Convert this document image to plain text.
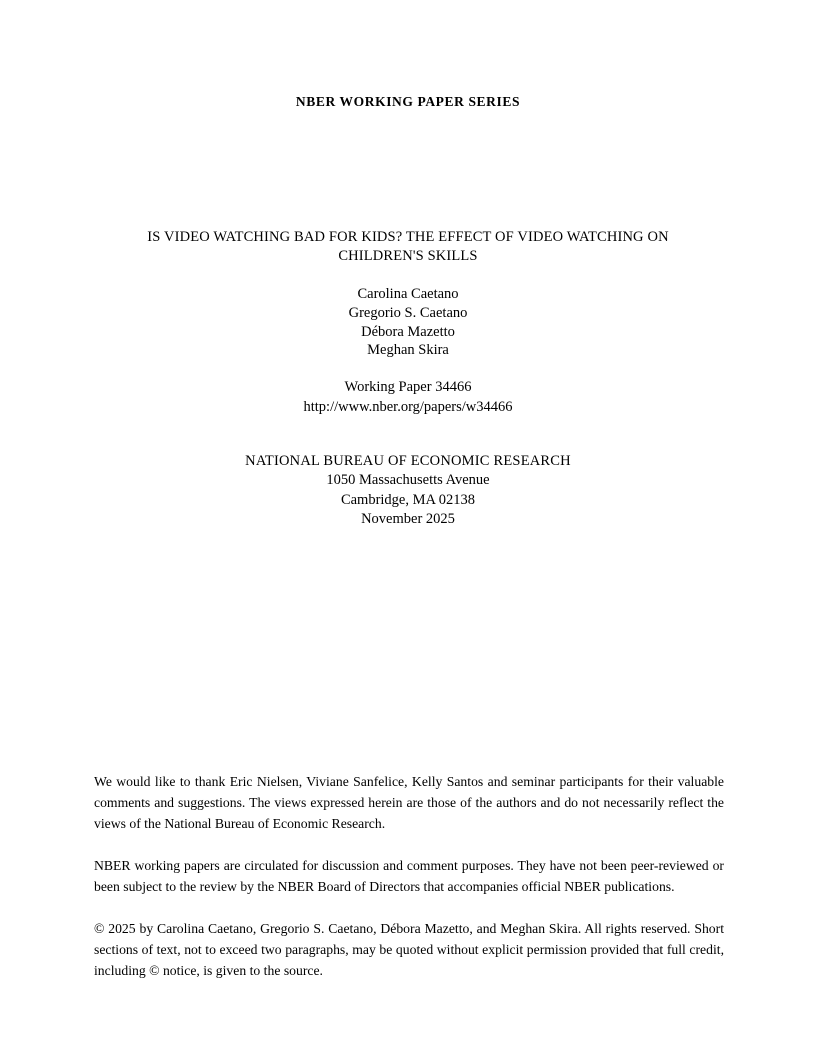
NBER WORKING PAPER SERIES
IS VIDEO WATCHING BAD FOR KIDS? THE EFFECT OF VIDEO WATCHING ON CHILDREN'S SKILLS
Carolina Caetano
Gregorio S. Caetano
Débora Mazetto
Meghan Skira
Working Paper 34466
http://www.nber.org/papers/w34466
NATIONAL BUREAU OF ECONOMIC RESEARCH
1050 Massachusetts Avenue
Cambridge, MA 02138
November 2025

We would like to thank Eric Nielsen, Viviane Sanfelice, Kelly Santos and seminar participants for their valuable comments and suggestions. The views expressed herein are those of the authors and do not necessarily reflect the views of the National Bureau of Economic Research.

NBER working papers are circulated for discussion and comment purposes. They have not been peer-reviewed or been subject to the review by the NBER Board of Directors that accompanies official NBER publications.

© 2025 by Carolina Caetano, Gregorio S. Caetano, Débora Mazetto, and Meghan Skira. All rights reserved. Short sections of text, not to exceed two paragraphs, may be quoted without explicit permission provided that full credit, including © notice, is given to the source.
